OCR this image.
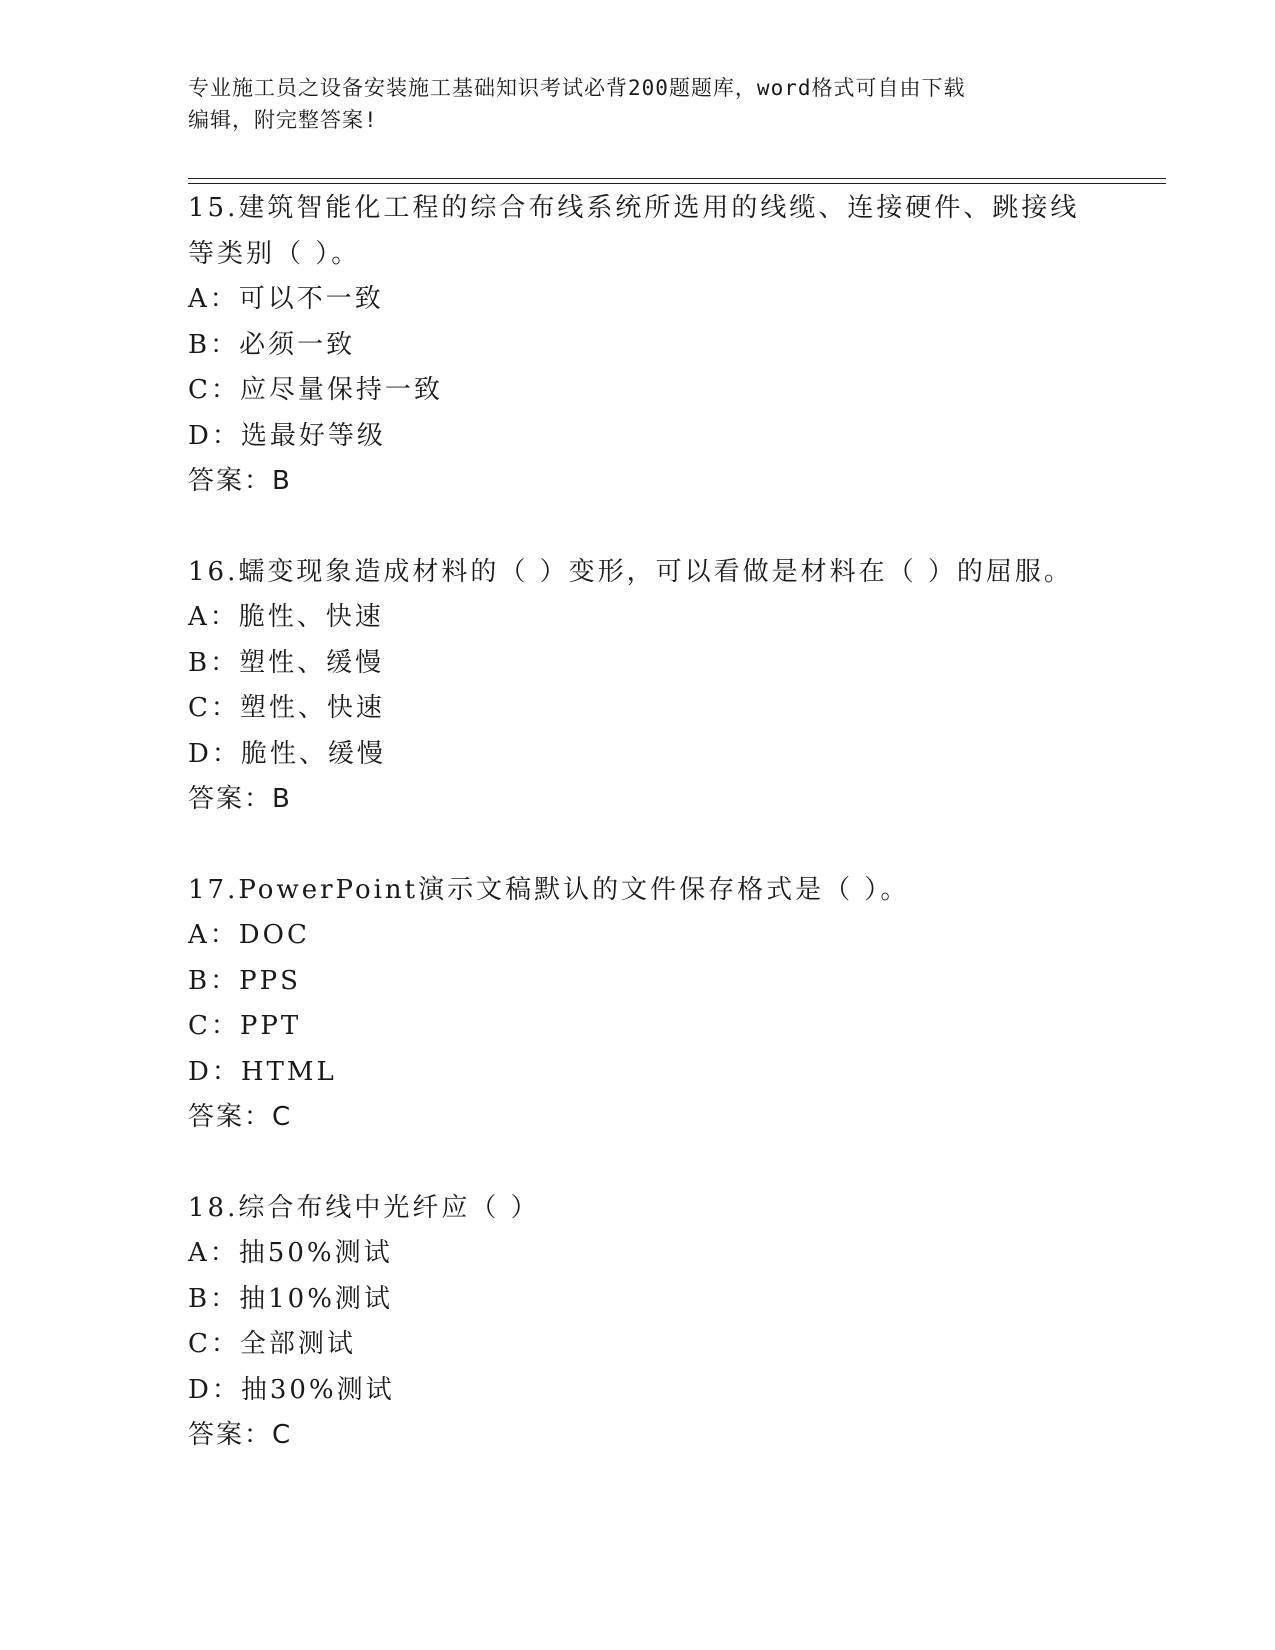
专业施工员之设备安装施工基础知识考试必背200题题库，word格式可自由下载
编辑，附完整答案!
15.建筑智能化工程的综合布线系统所选用的线缆、连接硬件、跳接线
等类别（ ）。
A：可以不一致
B：必须一致
C：应尽量保持一致
D：选最好等级
答案：B
16.蠕变现象造成材料的（ ）变形，可以看做是材料在（ ）的屈服。
A：脆性、快速
B：塑性、缓慢
C：塑性、快速
D：脆性、缓慢
答案：B
17.PowerPoint演示文稿默认的文件保存格式是（ ）。
A：DOC
B：PPS
C：PPT
D：HTML
答案：C
18.综合布线中光纤应（ ）
A：抽50%测试
B：抽10%测试
C：全部测试
D：抽30%测试
答案：C
